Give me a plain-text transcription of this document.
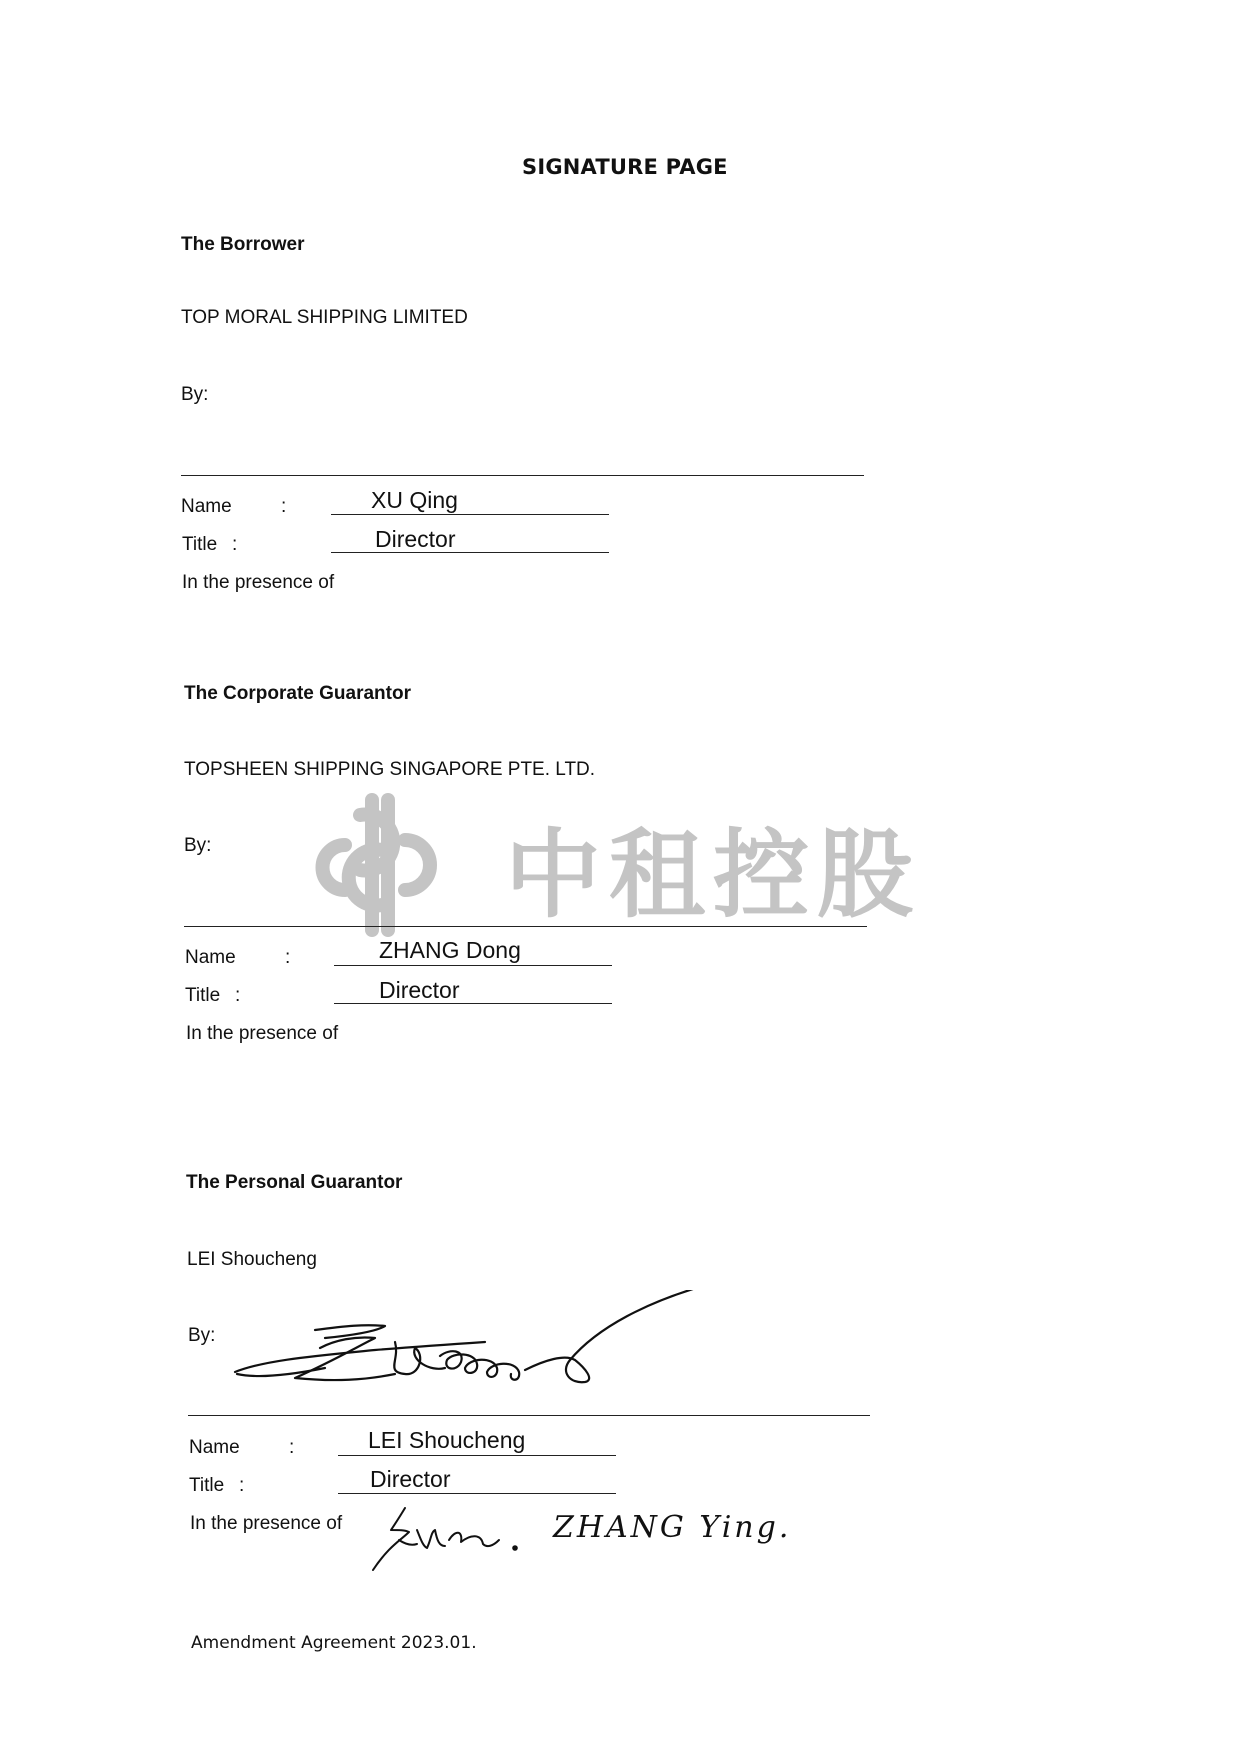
SIGNATURE PAGE
The Borrower
TOP MORAL SHIPPING LIMITED
By:
Name	:	XU Qing
Title :	Director
In the presence of
The Corporate Guarantor
TOPSHEEN SHIPPING SINGAPORE PTE. LTD.
By:	中租控股
Name	:	ZHANG Dong
Title :	Director
In the presence of
The Personal Guarantor
LEI Shoucheng
By:
Name	:	LEI Shoucheng
Title :	Director
In the presence of	ZHANG Ying.
Amendment Agreement 2023.01.
